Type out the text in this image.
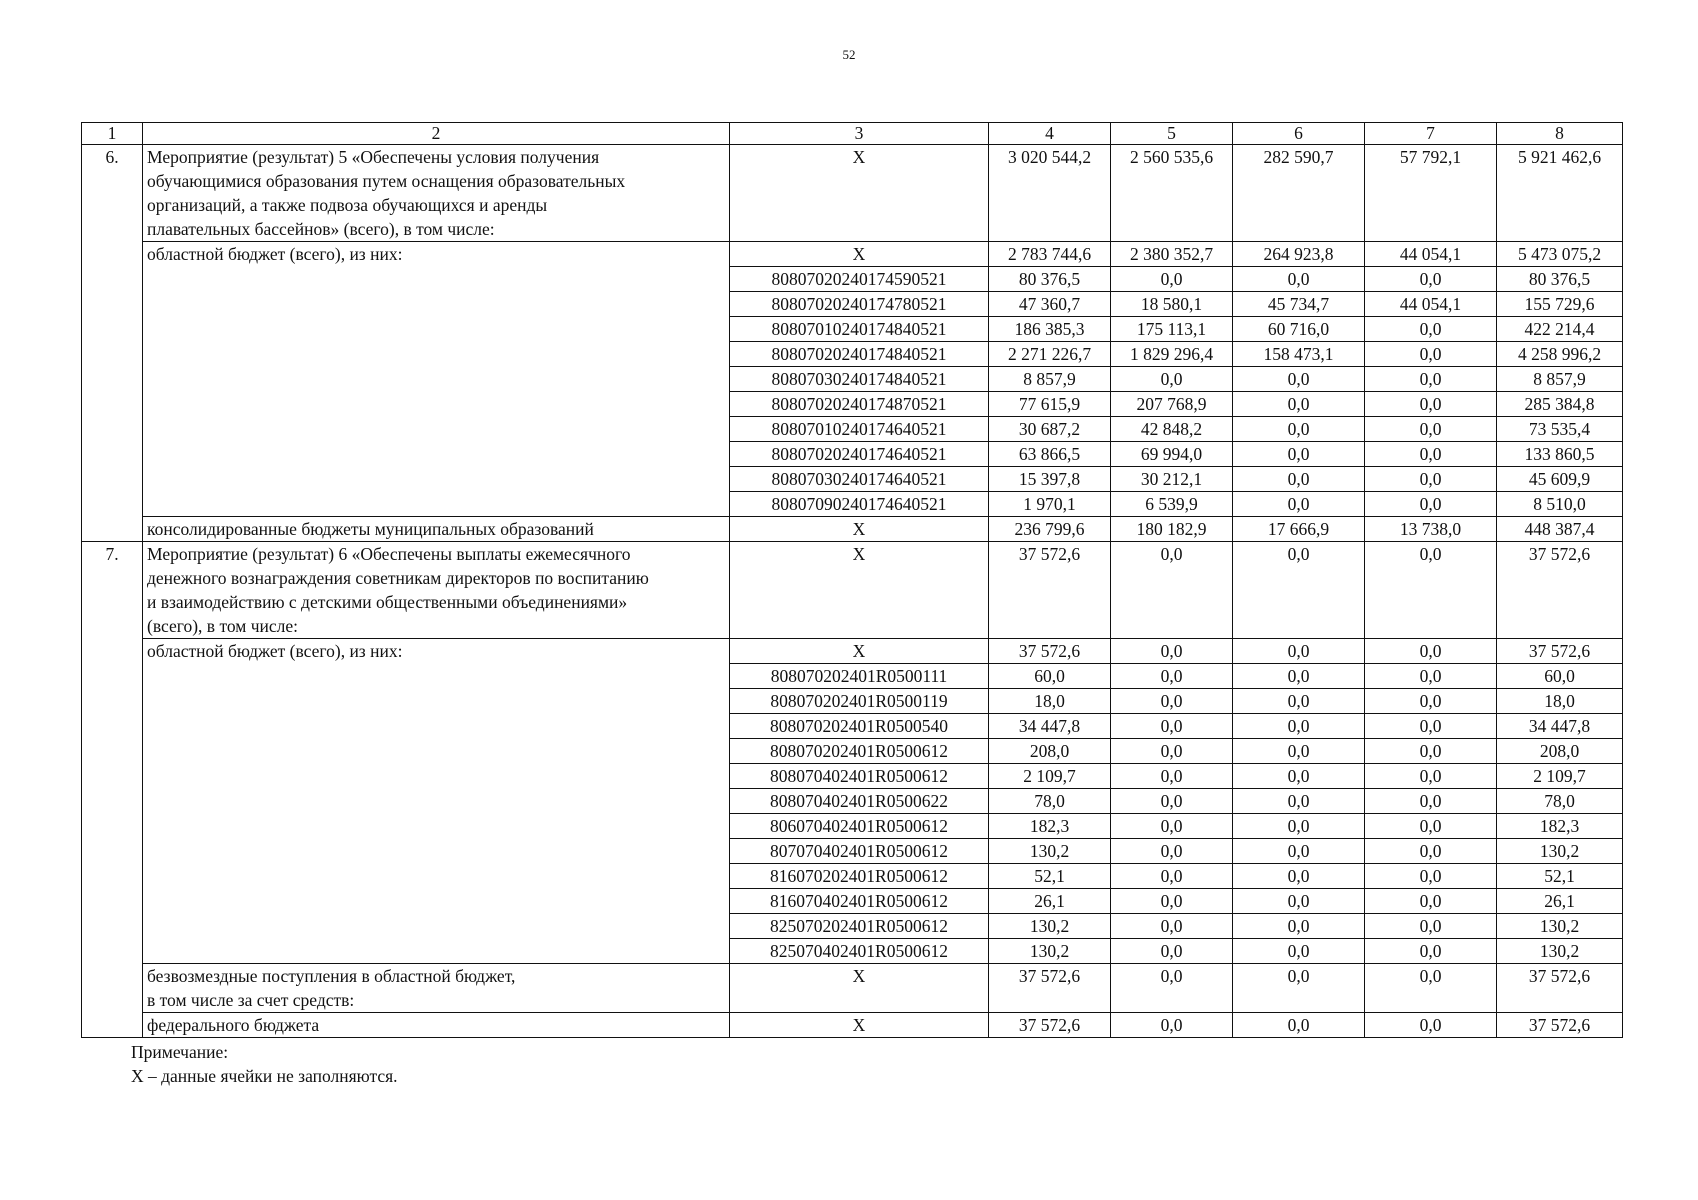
52
1	2	3	4	5	6	7	8
6.	Мероприятие (результат) 5 «Обеспечены условия получения
обучающимися образования путем оснащения образовательных
организаций, а также подвоза обучающихся и аренды
плавательных бассейнов» (всего), в том числе:	X	3 020 544,2	2 560 535,6	282 590,7	57 792,1	5 921 462,6

	областной бюджет (всего), из них:	X	2 783 744,6	2 380 352,7	264 923,8	44 054,1	5 473 075,2
		80807020240174590521	80 376,5	0,0	0,0	0,0	80 376,5
		80807020240174780521	47 360,7	18 580,1	45 734,7	44 054,1	155 729,6
		80807010240174840521	186 385,3	175 113,1	60 716,0	0,0	422 214,4
		80807020240174840521	2 271 226,7	1 829 296,4	158 473,1	0,0	4 258 996,2
		80807030240174840521	8 857,9	0,0	0,0	0,0	8 857,9
		80807020240174870521	77 615,9	207 768,9	0,0	0,0	285 384,8
		80807010240174640521	30 687,2	42 848,2	0,0	0,0	73 535,4
		80807020240174640521	63 866,5	69 994,0	0,0	0,0	133 860,5
		80807030240174640521	15 397,8	30 212,1	0,0	0,0	45 609,9
		80807090240174640521	1 970,1	6 539,9	0,0	0,0	8 510,0

	консолидированные бюджеты муниципальных образований	X	236 799,6	180 182,9	17 666,9	13 738,0	448 387,4
7.	Мероприятие (результат) 6 «Обеспечены выплаты ежемесячного
денежного вознаграждения советникам директоров по воспитанию
и взаимодействию с детскими общественными объединениями»
(всего), в том числе:	X	37 572,6	0,0	0,0	0,0	37 572,6

	областной бюджет (всего), из них:	X	37 572,6	0,0	0,0	0,0	37 572,6
		808070202401R0500111	60,0	0,0	0,0	0,0	60,0
		808070202401R0500119	18,0	0,0	0,0	0,0	18,0
		808070202401R0500540	34 447,8	0,0	0,0	0,0	34 447,8
		808070202401R0500612	208,0	0,0	0,0	0,0	208,0
		808070402401R0500612	2 109,7	0,0	0,0	0,0	2 109,7
		808070402401R0500622	78,0	0,0	0,0	0,0	78,0
		806070402401R0500612	182,3	0,0	0,0	0,0	182,3
		807070402401R0500612	130,2	0,0	0,0	0,0	130,2
		816070202401R0500612	52,1	0,0	0,0	0,0	52,1
		816070402401R0500612	26,1	0,0	0,0	0,0	26,1
		825070202401R0500612	130,2	0,0	0,0	0,0	130,2
		825070402401R0500612	130,2	0,0	0,0	0,0	130,2

	безвозмездные поступления в областной бюджет,
в том числе за счет средств:	X	37 572,6	0,0	0,0	0,0	37 572,6

	федерального бюджета	X	37 572,6	0,0	0,0	0,0	37 572,6
Примечание:
X – данные ячейки не заполняются.
